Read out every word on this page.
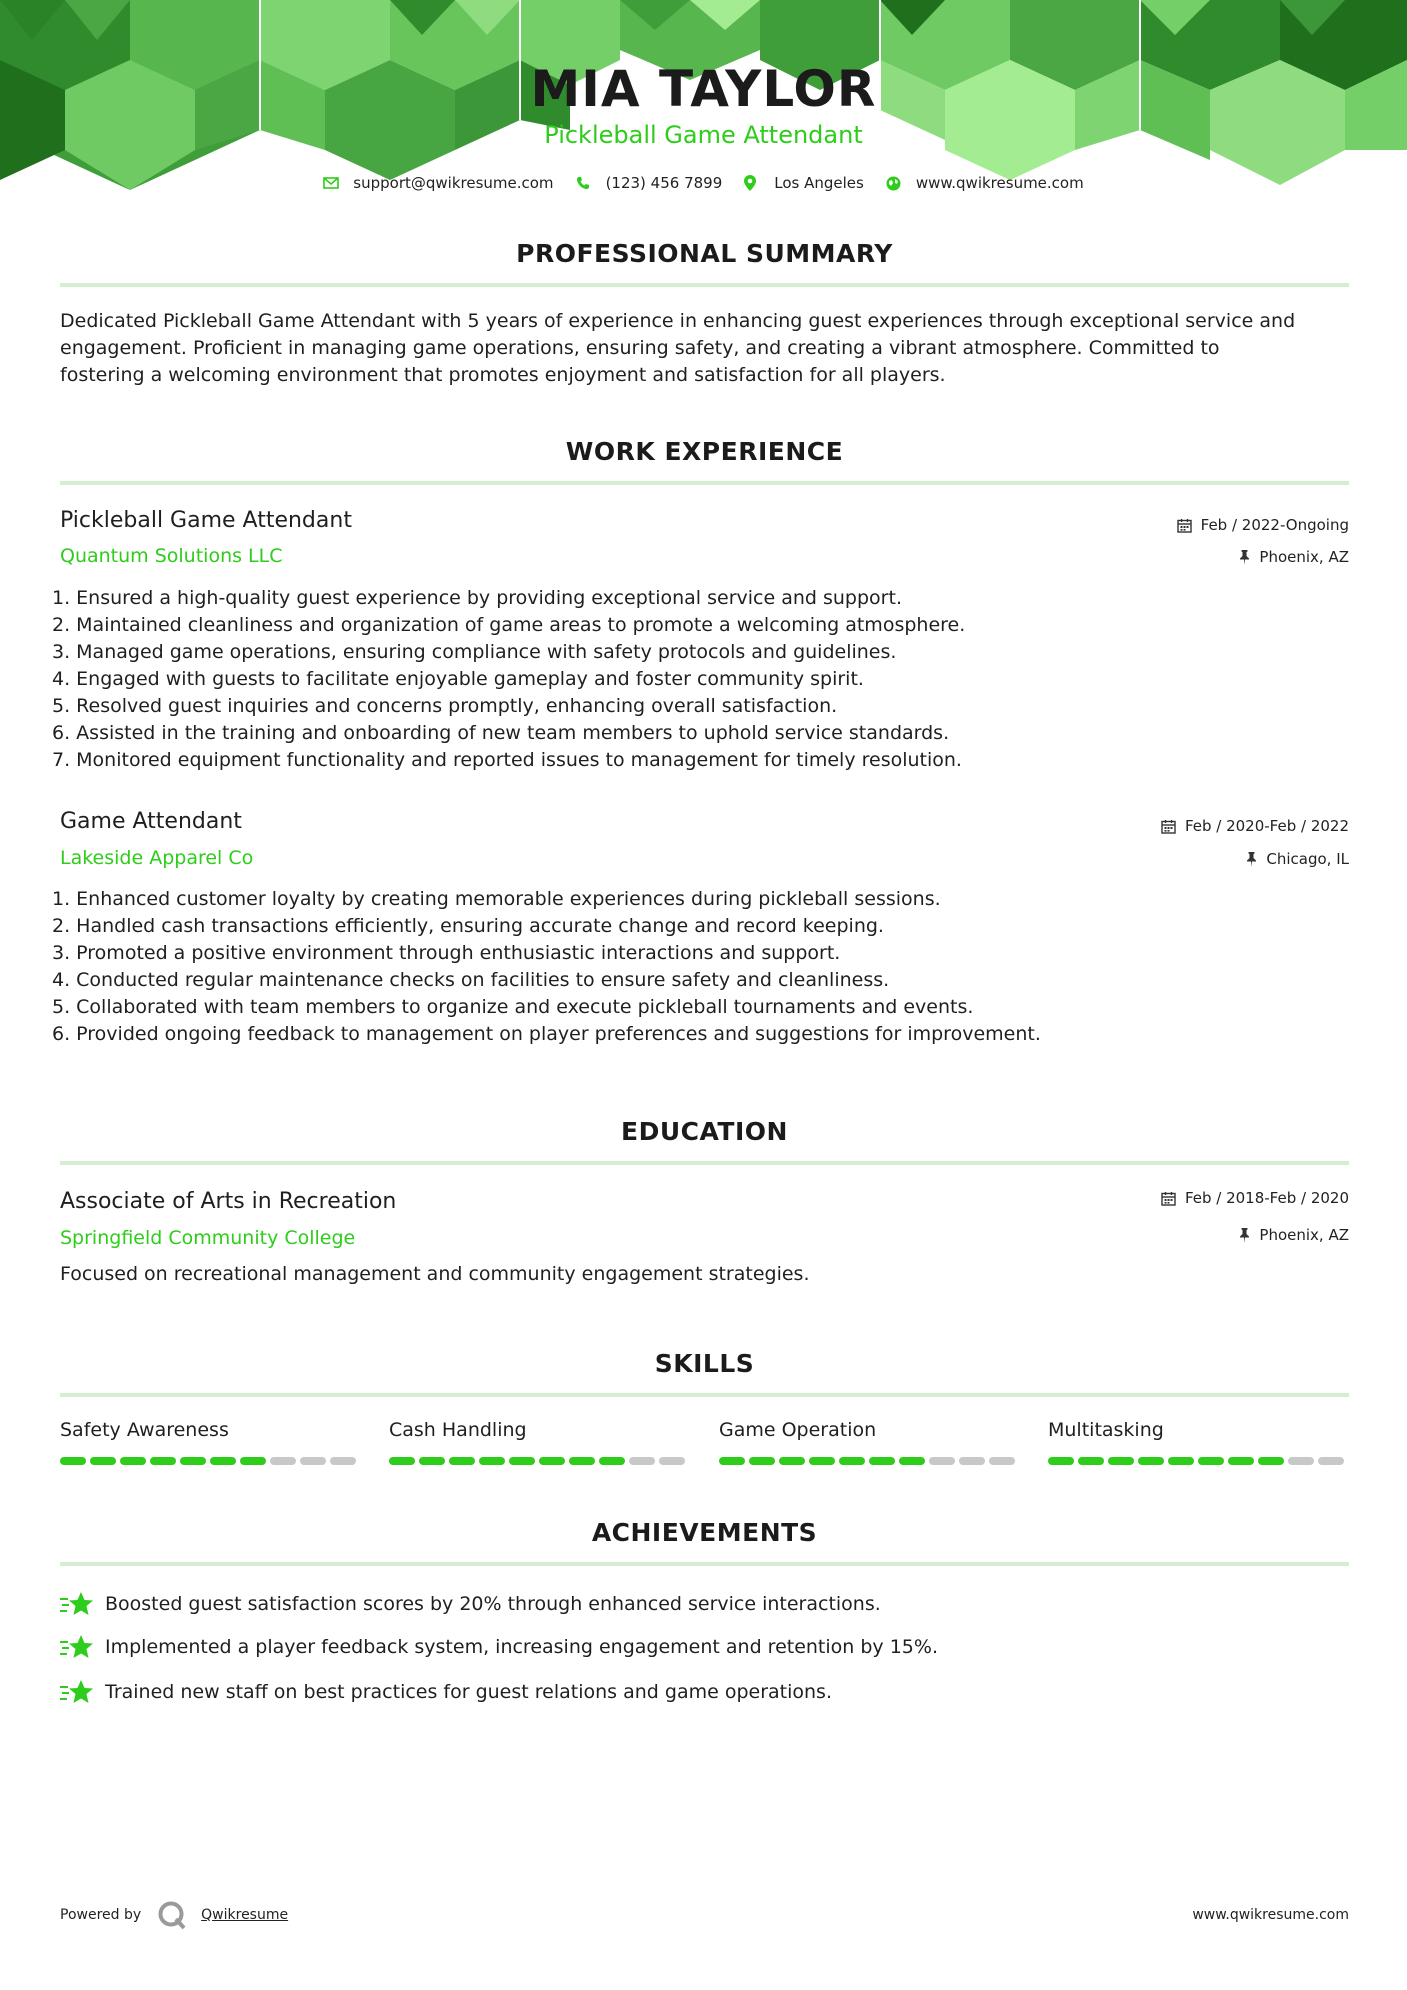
MIA TAYLOR
Pickleball Game Attendant
support@qwikresume.com	(123) 456 7899	Los Angeles	www.qwikresume.com
PROFESSIONAL SUMMARY
Dedicated Pickleball Game Attendant with 5 years of experience in enhancing guest experiences through exceptional service and
engagement. Proficient in managing game operations, ensuring safety, and creating a vibrant atmosphere. Committed to
fostering a welcoming environment that promotes enjoyment and satisfaction for all players.
WORK EXPERIENCE
Pickleball Game Attendant
Quantum Solutions LLC
Feb / 2022-Ongoing
Phoenix, AZ
1. Ensured a high-quality guest experience by providing exceptional service and support.
2. Maintained cleanliness and organization of game areas to promote a welcoming atmosphere.
3. Managed game operations, ensuring compliance with safety protocols and guidelines.
4. Engaged with guests to facilitate enjoyable gameplay and foster community spirit.
5. Resolved guest inquiries and concerns promptly, enhancing overall satisfaction.
6. Assisted in the training and onboarding of new team members to uphold service standards.
7. Monitored equipment functionality and reported issues to management for timely resolution.
Game Attendant
Lakeside Apparel Co
Feb / 2020-Feb / 2022
Chicago, IL
1. Enhanced customer loyalty by creating memorable experiences during pickleball sessions.
2. Handled cash transactions efficiently, ensuring accurate change and record keeping.
3. Promoted a positive environment through enthusiastic interactions and support.
4. Conducted regular maintenance checks on facilities to ensure safety and cleanliness.
5. Collaborated with team members to organize and execute pickleball tournaments and events.
6. Provided ongoing feedback to management on player preferences and suggestions for improvement.
EDUCATION
Associate of Arts in Recreation
Springfield Community College
Feb / 2018-Feb / 2020
Phoenix, AZ
Focused on recreational management and community engagement strategies.
SKILLS
Safety Awareness	Cash Handling	Game Operation	Multitasking
ACHIEVEMENTS
Boosted guest satisfaction scores by 20% through enhanced service interactions.
Implemented a player feedback system, increasing engagement and retention by 15%.
Trained new staff on best practices for guest relations and game operations.
Powered by	Qwikresume	www.qwikresume.com
